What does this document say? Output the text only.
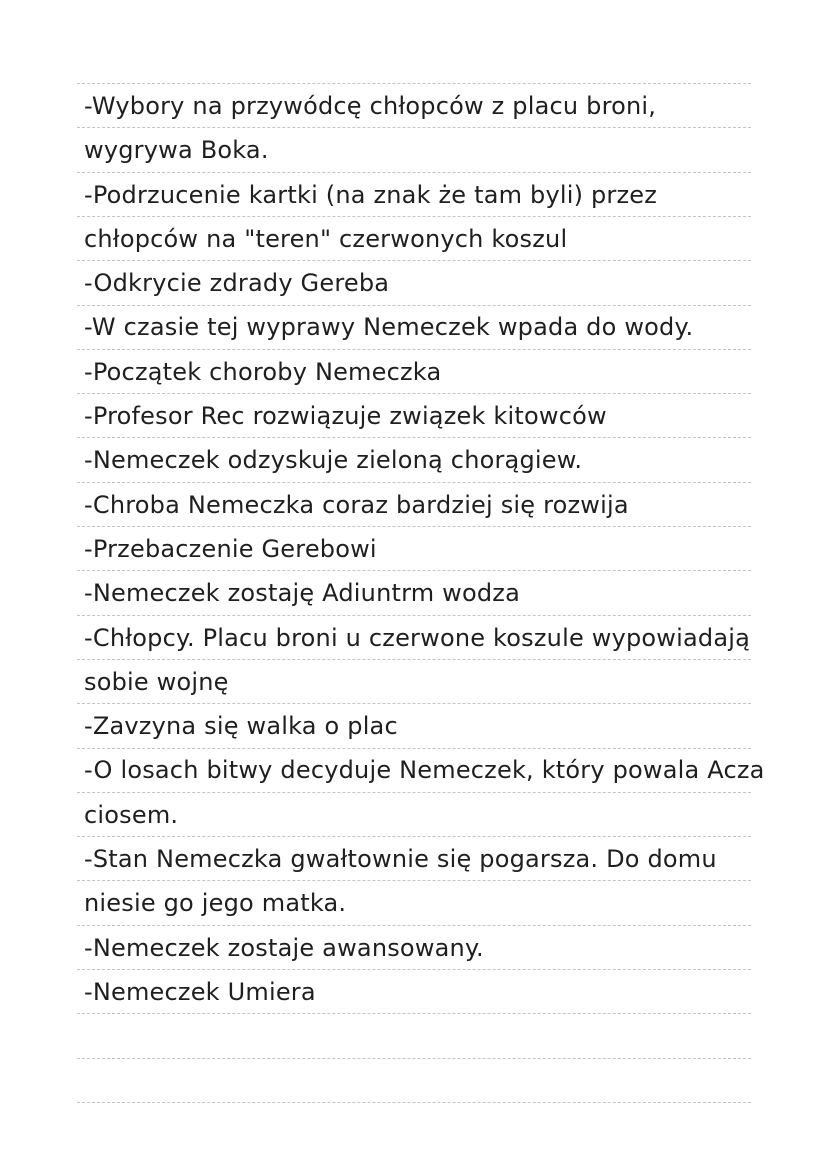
-Wybory na przywódcę chłopców z placu broni,
wygrywa Boka.
-Podrzucenie kartki (na znak że tam byli) przez
chłopców na "teren" czerwonych koszul
-Odkrycie zdrady Gereba
-W czasie tej wyprawy Nemeczek wpada do wody.
-Początek choroby Nemeczka
-Profesor Rec rozwiązuje związek kitowców
-Nemeczek odzyskuje zieloną chorągiew.
-Chroba Nemeczka coraz bardziej się rozwija
-Przebaczenie Gerebowi
-Nemeczek zostaję Adiuntrm wodza
-Chłopcy. Placu broni u czerwone koszule wypowiadają
sobie wojnę
-Zavzyna się walka o plac
-O losach bitwy decyduje Nemeczek, który powala Acza
ciosem.
-Stan Nemeczka gwałtownie się pogarsza. Do domu
niesie go jego matka.
-Nemeczek zostaje awansowany.
-Nemeczek Umiera
